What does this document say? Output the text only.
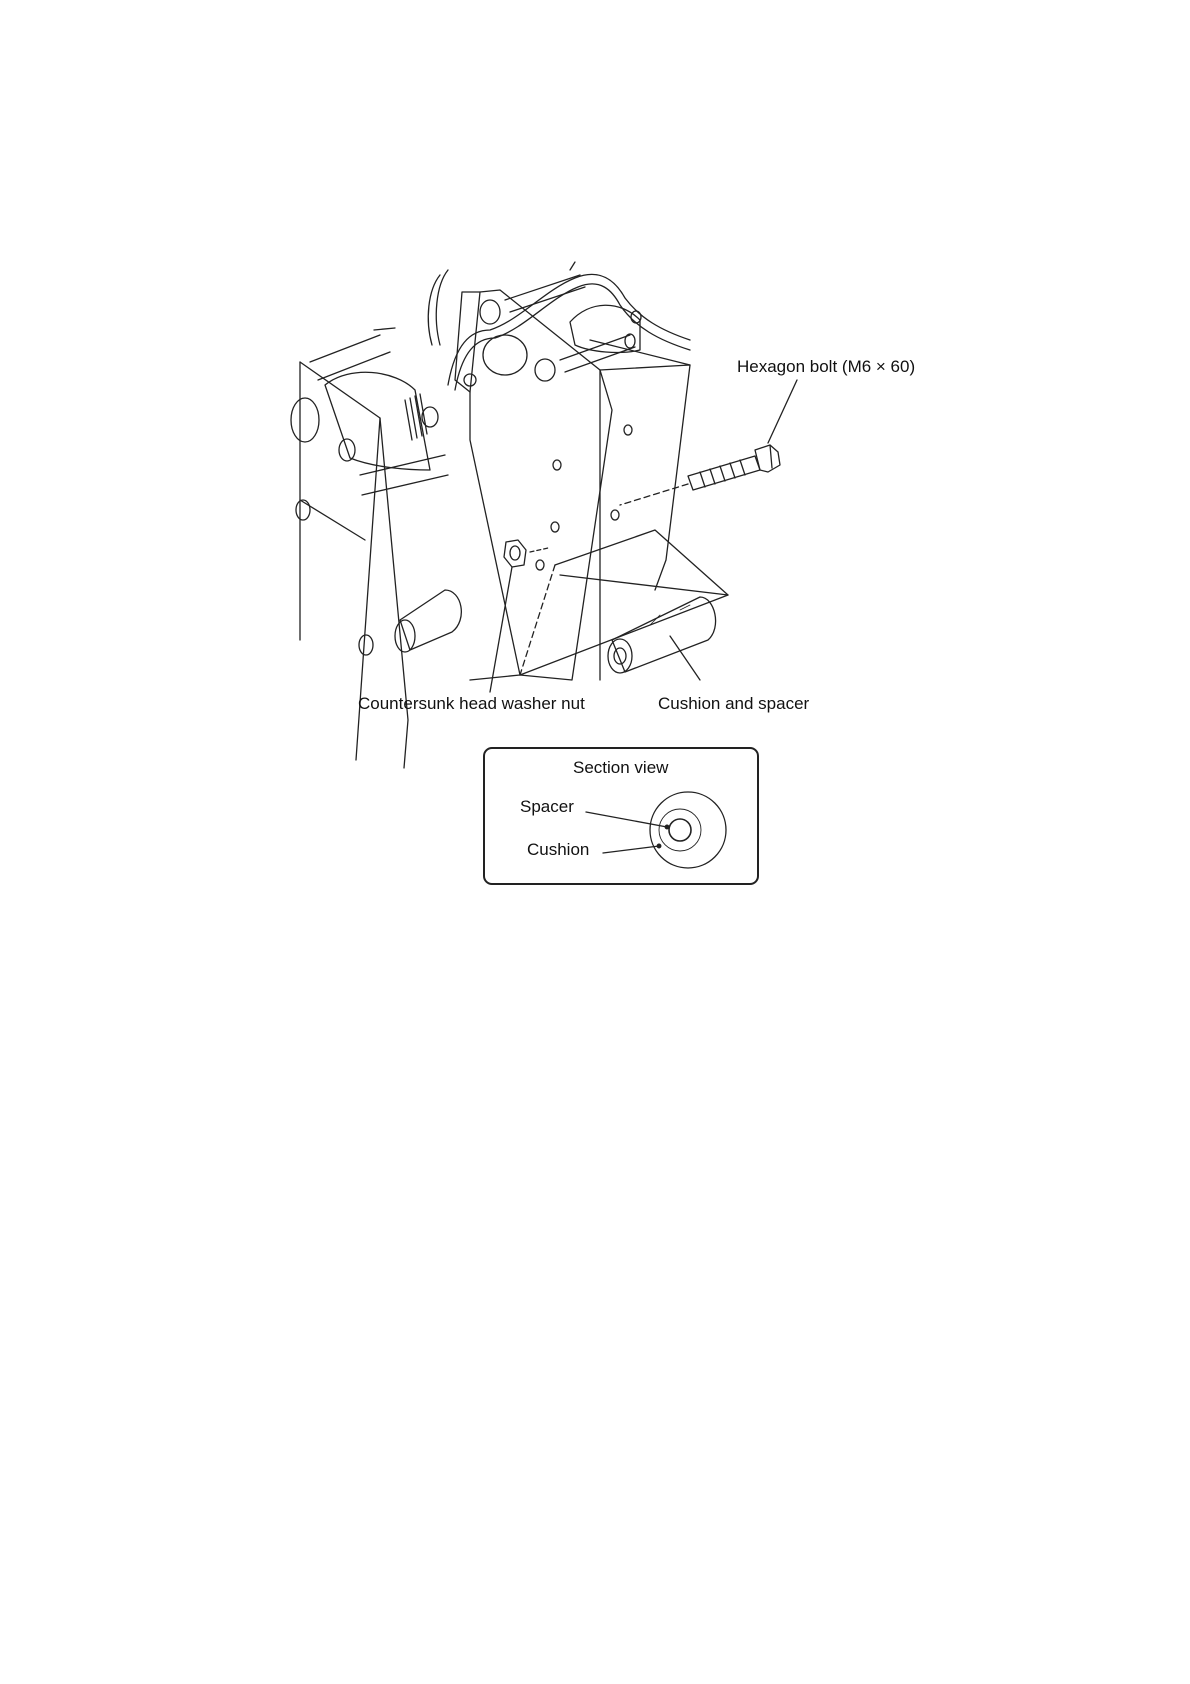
Hexagon bolt (M6 × 60)
Countersunk head washer nut	Cushion and spacer
Section view
Spacer
Cushion
